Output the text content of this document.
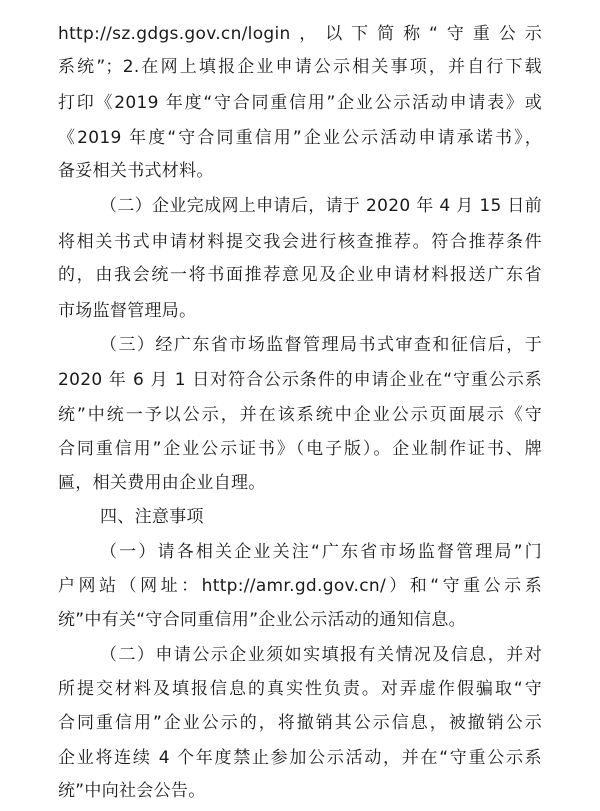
http://sz.gdgs.gov.cn/login，以下简称“守重公示

系统”；2.在网上填报企业申请公示相关事项，并自行下载

打印《2019 年度“守合同重信用”企业公示活动申请表》或

《2019 年度“守合同重信用”企业公示活动申请承诺书》，

备妥相关书式材料。

（二）企业完成网上申请后，请于 2020 年 4 月 15 日前

将相关书式申请材料提交我会进行核查推荐。符合推荐条件

的，由我会统一将书面推荐意见及企业申请材料报送广东省

市场监督管理局。

（三）经广东省市场监督管理局书式审查和征信后，于

2020 年 6 月 1 日对符合公示条件的申请企业在“守重公示系

统”中统一予以公示，并在该系统中企业公示页面展示《守

合同重信用”企业公示证书》（电子版）。企业制作证书、牌

匾，相关费用由企业自理。

四、注意事项

（一）请各相关企业关注“广东省市场监督管理局”门

户网站（网址：http://amr.gd.gov.cn/）和“守重公示系

统”中有关“守合同重信用”企业公示活动的通知信息。

（二）申请公示企业须如实填报有关情况及信息，并对

所提交材料及填报信息的真实性负责。对弄虚作假骗取“守

合同重信用”企业公示的，将撤销其公示信息，被撤销公示

企业将连续 4 个年度禁止参加公示活动，并在“守重公示系

统”中向社会公告。
